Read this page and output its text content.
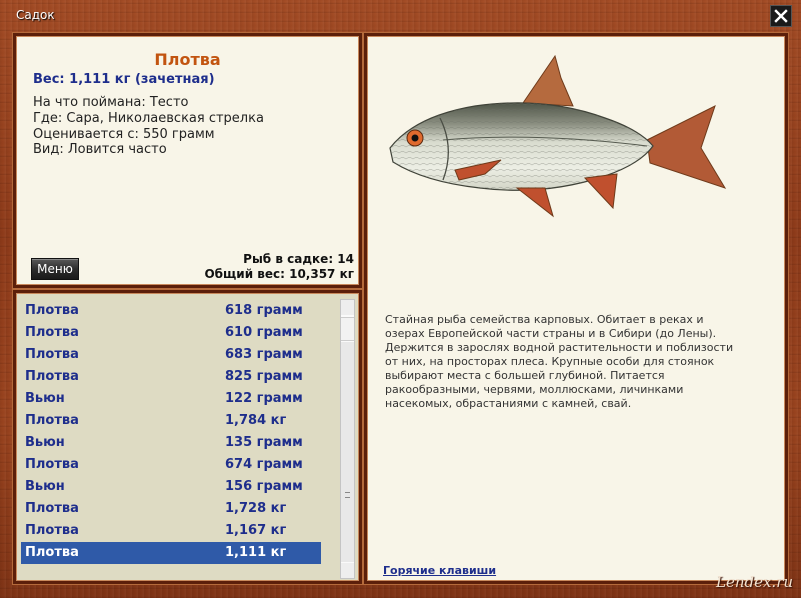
Садок
Плотва
Вес: 1,111 кг (зачетная)
На что поймана: Тесто
Где: Сара, Николаевская стрелка
Оценивается с: 550 грамм
Вид: Ловится часто
Меню
Рыб в садке: 14
Общий вес: 10,357 кг
Плотва	618 грамм
Плотва	610 грамм
Плотва	683 грамм
Плотва	825 грамм
Вьюн	122 грамм
Плотва	1,784 кг
Вьюн	135 грамм
Плотва	674 грамм
Вьюн	156 грамм
Плотва	1,728 кг
Плотва	1,167 кг
Плотва	1,111 кг
Стайная рыба семейства карповых. Обитает в реках и
озерах Европейской части страны и в Сибири (до Лены).
Держится в зарослях водной растительности и поблизости
от них, на просторах плеса. Крупные особи для стоянок
выбирают места с большей глубиной. Питается
ракообразными, червями, моллюсками, личинками
насекомых, обрастаниями с камней, свай.
Горячие клавиши
Lendex.ru
